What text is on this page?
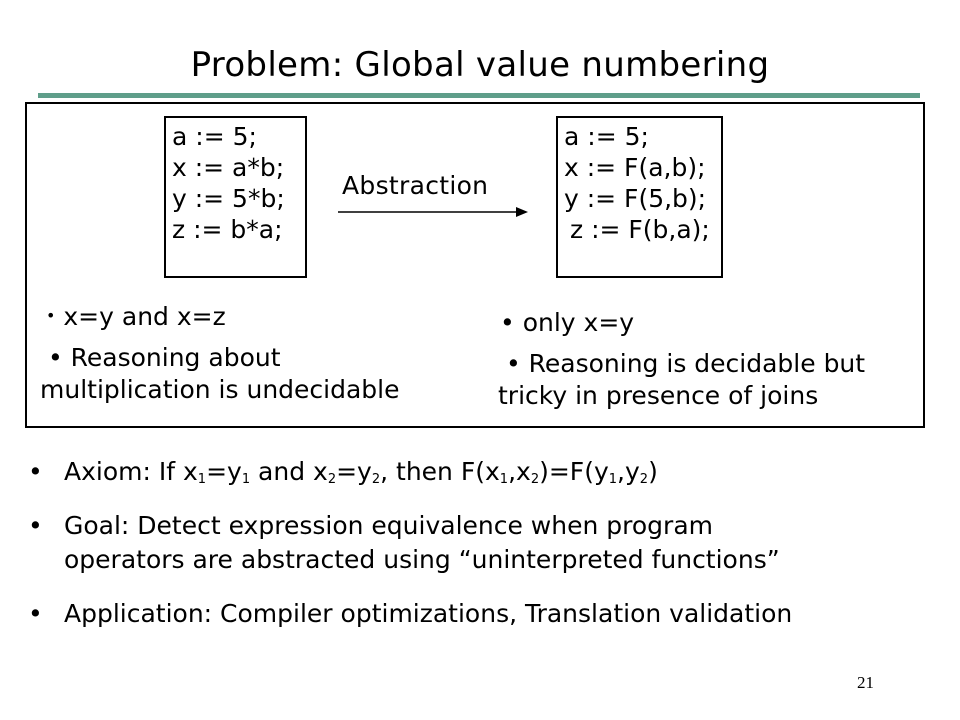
Problem: Global value numbering
a := 5;
x := a*b;
y := 5*b;
z := b*a;
Abstraction
a := 5;
x := F(a,b);
y := F(5,b);
z := F(b,a);
• x=y and x=z
• Reasoning about
multiplication is undecidable
• only x=y
• Reasoning is decidable but
tricky in presence of joins
• Axiom: If $x_1=y_1$ and $x_2=y_2$, then $F(x_1,x_2)=F(y_1,y_2)$
• Goal: Detect expression equivalence when program
operators are abstracted using “uninterpreted functions”
• Application: Compiler optimizations, Translation validation
21
